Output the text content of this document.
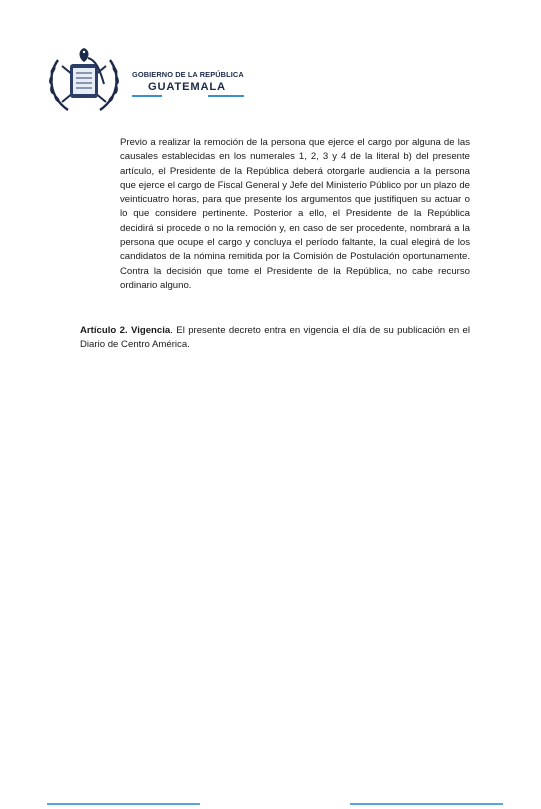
GOBIERNO DE LA REPÚBLICA
GUATEMALA

Previo a realizar la remoción de la persona que ejerce el cargo por alguna de las causales establecidas en los numerales 1, 2, 3 y 4 de la literal b) del presente artículo, el Presidente de la República deberá otorgarle audiencia a la persona que ejerce el cargo de Fiscal General y Jefe del Ministerio Público por un plazo de veinticuatro horas, para que presente los argumentos que justifiquen su actuar o lo que considere pertinente. Posterior a ello, el Presidente de la República decidirá si procede o no la remoción y, en caso de ser procedente, nombrará a la persona que ocupe el cargo y concluya el período faltante, la cual elegirá de los candidatos de la nómina remitida por la Comisión de Postulación oportunamente. Contra la decisión que tome el Presidente de la República, no cabe recurso ordinario alguno.

Artículo 2. Vigencia. El presente decreto entra en vigencia el día de su publicación en el Diario de Centro América.
